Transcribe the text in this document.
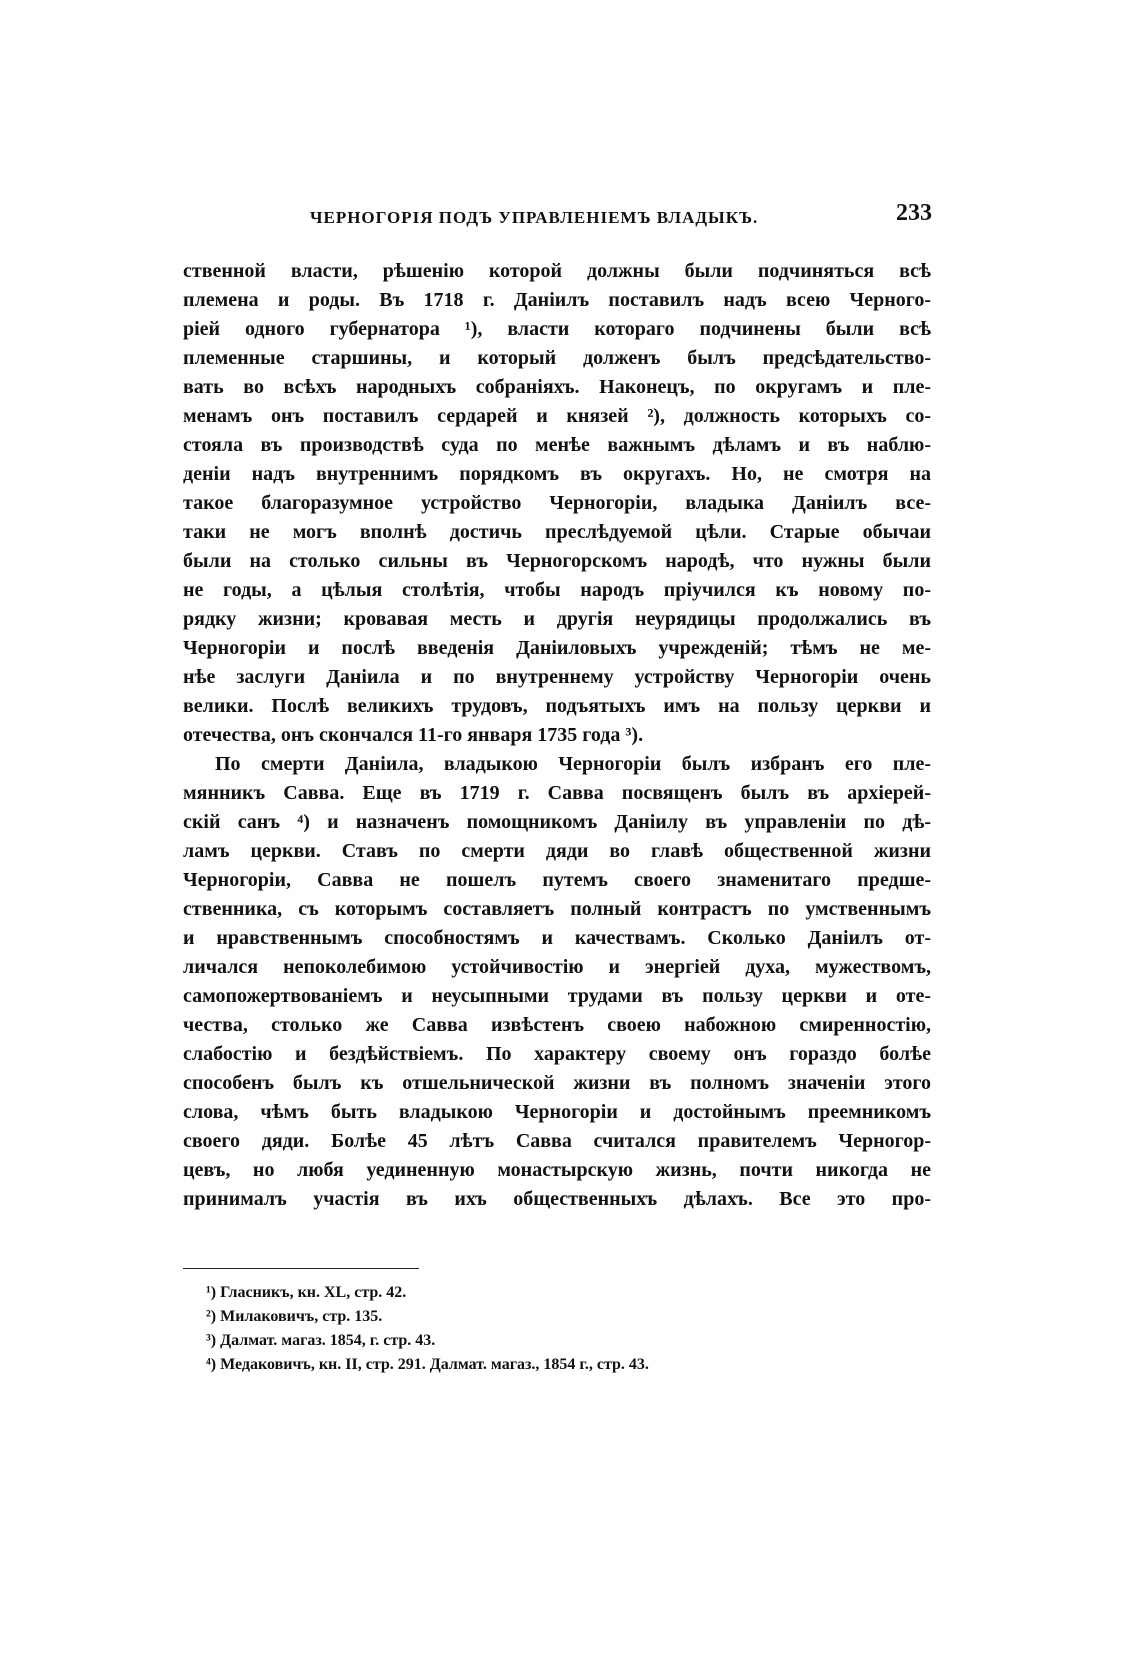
ЧЕРНОГОРІЯ ПОДЪ УПРАВЛЕНІЕМЪ ВЛАДЫКЪ.	233
ственной власти, рѣшенію которой должны были подчиняться всѣ
племена и роды. Въ 1718 г. Даніилъ поставилъ надъ всею Черного-
ріей одного губернатора ¹), власти котораго подчинены были всѣ
племенные старшины, и который долженъ былъ предсѣдательство-
вать во всѣхъ народныхъ собраніяхъ. Наконецъ, по округамъ и пле-
менамъ онъ поставилъ сердарей и князей ²), должность которыхъ со-
стояла въ производствѣ суда по менѣе важнымъ дѣламъ и въ наблю-
деніи надъ внутреннимъ порядкомъ въ округахъ. Но, не смотря на
такое благоразумное устройство Черногоріи, владыка Даніилъ все-
таки не могъ вполнѣ достичь преслѣдуемой цѣли. Старые обычаи
были на столько сильны въ Черногорскомъ народѣ, что нужны были
не годы, а цѣлыя столѣтія, чтобы народъ пріучился къ новому по-
рядку жизни; кровавая месть и другія неурядицы продолжались въ
Черногоріи и послѣ введенія Даніиловыхъ учрежденій; тѣмъ не ме-
нѣе заслуги Даніила и по внутреннему устройству Черногоріи очень
велики. Послѣ великихъ трудовъ, подъятыхъ имъ на пользу церкви и
отечества, онъ скончался 11-го января 1735 года ³).
По смерти Даніила, владыкою Черногоріи былъ избранъ его пле-
мянникъ Савва. Еще въ 1719 г. Савва посвященъ былъ въ архіерей-
скій санъ ⁴) и назначенъ помощникомъ Даніилу въ управленіи по дѣ-
ламъ церкви. Ставъ по смерти дяди во главѣ общественной жизни
Черногоріи, Савва не пошелъ путемъ своего знаменитаго предше-
ственника, съ которымъ составляетъ полный контрастъ по умственнымъ
и нравственнымъ способностямъ и качествамъ. Сколько Даніилъ от-
личался непоколебимою устойчивостію и энергіей духа, мужествомъ,
самопожертвованіемъ и неусыпными трудами въ пользу церкви и оте-
чества, столько же Савва извѣстенъ своею набожною смиренностію,
слабостію и бездѣйствіемъ. По характеру своему онъ гораздо болѣе
способенъ былъ къ отшельнической жизни въ полномъ значеніи этого
слова, чѣмъ быть владыкою Черногоріи и достойнымъ преемникомъ
своего дяди. Болѣе 45 лѣтъ Савва считался правителемъ Черногор-
цевъ, но любя уединенную монастырскую жизнь, почти никогда не
принималъ участія въ ихъ общественныхъ дѣлахъ. Все это про-
¹) Гласникъ, кн. XL, стр. 42.
²) Милаковичъ, стр. 135.
³) Далмат. магаз. 1854, г. стр. 43.
⁴) Медаковичъ, кн. II, стр. 291. Далмат. магаз., 1854 г., стр. 43.
